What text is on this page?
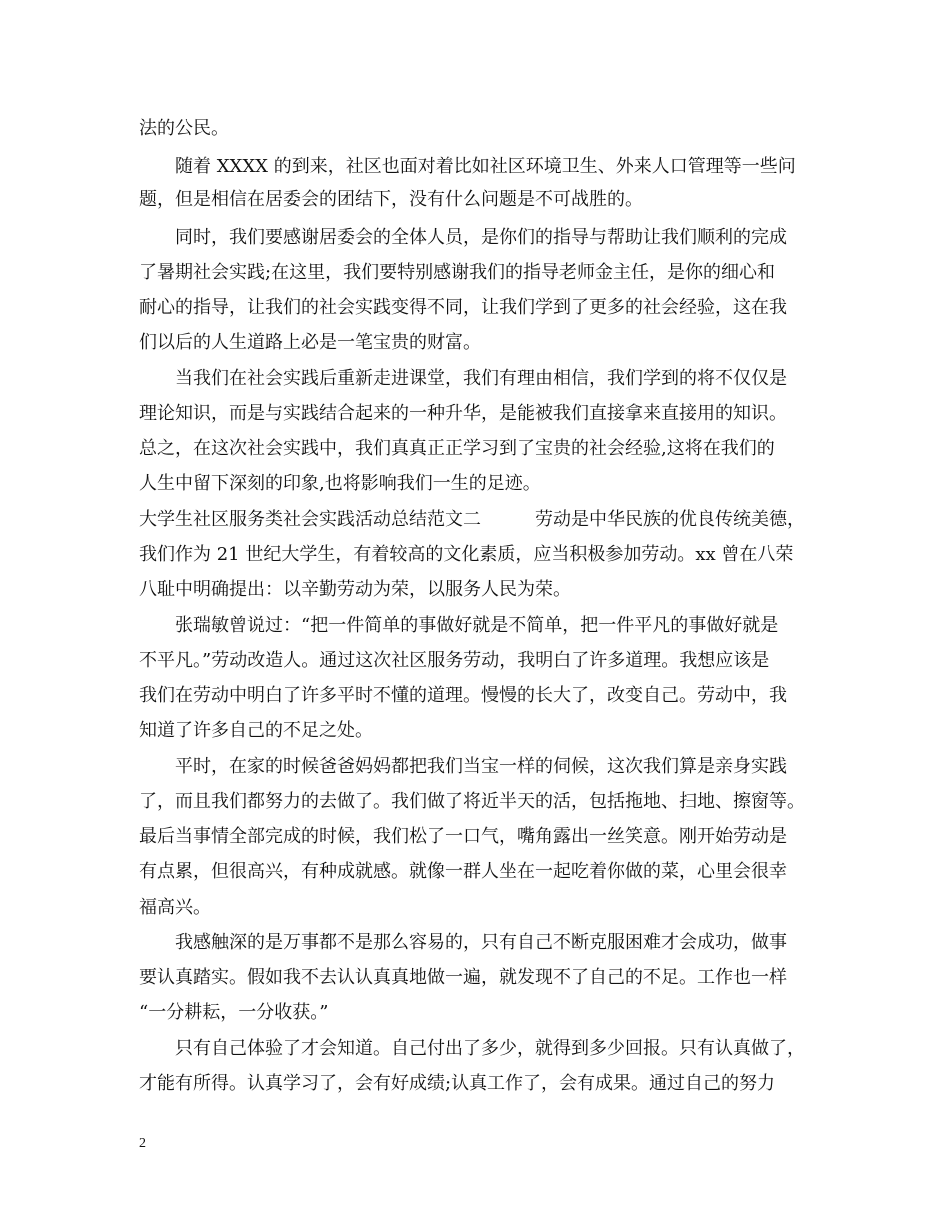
法的公民。
　　随着 XXXX 的到来，社区也面对着比如社区环境卫生、外来人口管理等一些问
题，但是相信在居委会的团结下，没有什么问题是不可战胜的。
　　同时，我们要感谢居委会的全体人员，是你们的指导与帮助让我们顺利的完成
了暑期社会实践;在这里，我们要特别感谢我们的指导老师金主任，是你的细心和
耐心的指导，让我们的社会实践变得不同，让我们学到了更多的社会经验，这在我
们以后的人生道路上必是一笔宝贵的财富。
　　当我们在社会实践后重新走进课堂，我们有理由相信，我们学到的将不仅仅是
理论知识，而是与实践结合起来的一种升华，是能被我们直接拿来直接用的知识。
总之，在这次社会实践中，我们真真正正学习到了宝贵的社会经验,这将在我们的
人生中留下深刻的印象,也将影响我们一生的足迹。
大学生社区服务类社会实践活动总结范文二　　　劳动是中华民族的优良传统美德，
我们作为 21 世纪大学生，有着较高的文化素质，应当积极参加劳动。xx 曾在八荣
八耻中明确提出：以辛勤劳动为荣，以服务人民为荣。
　　张瑞敏曾说过：“把一件简单的事做好就是不简单，把一件平凡的事做好就是
不平凡。”劳动改造人。通过这次社区服务劳动，我明白了许多道理。我想应该是
我们在劳动中明白了许多平时不懂的道理。慢慢的长大了，改变自己。劳动中，我
知道了许多自己的不足之处。
　　平时，在家的时候爸爸妈妈都把我们当宝一样的伺候，这次我们算是亲身实践
了，而且我们都努力的去做了。我们做了将近半天的活，包括拖地、扫地、擦窗等。
最后当事情全部完成的时候，我们松了一口气，嘴角露出一丝笑意。刚开始劳动是
有点累，但很高兴，有种成就感。就像一群人坐在一起吃着你做的菜，心里会很幸
福高兴。
　　我感触深的是万事都不是那么容易的，只有自己不断克服困难才会成功，做事
要认真踏实。假如我不去认认真真地做一遍，就发现不了自己的不足。工作也一样
“一分耕耘，一分收获。”
　　只有自己体验了才会知道。自己付出了多少，就得到多少回报。只有认真做了，
才能有所得。认真学习了，会有好成绩;认真工作了，会有成果。通过自己的努力
2
